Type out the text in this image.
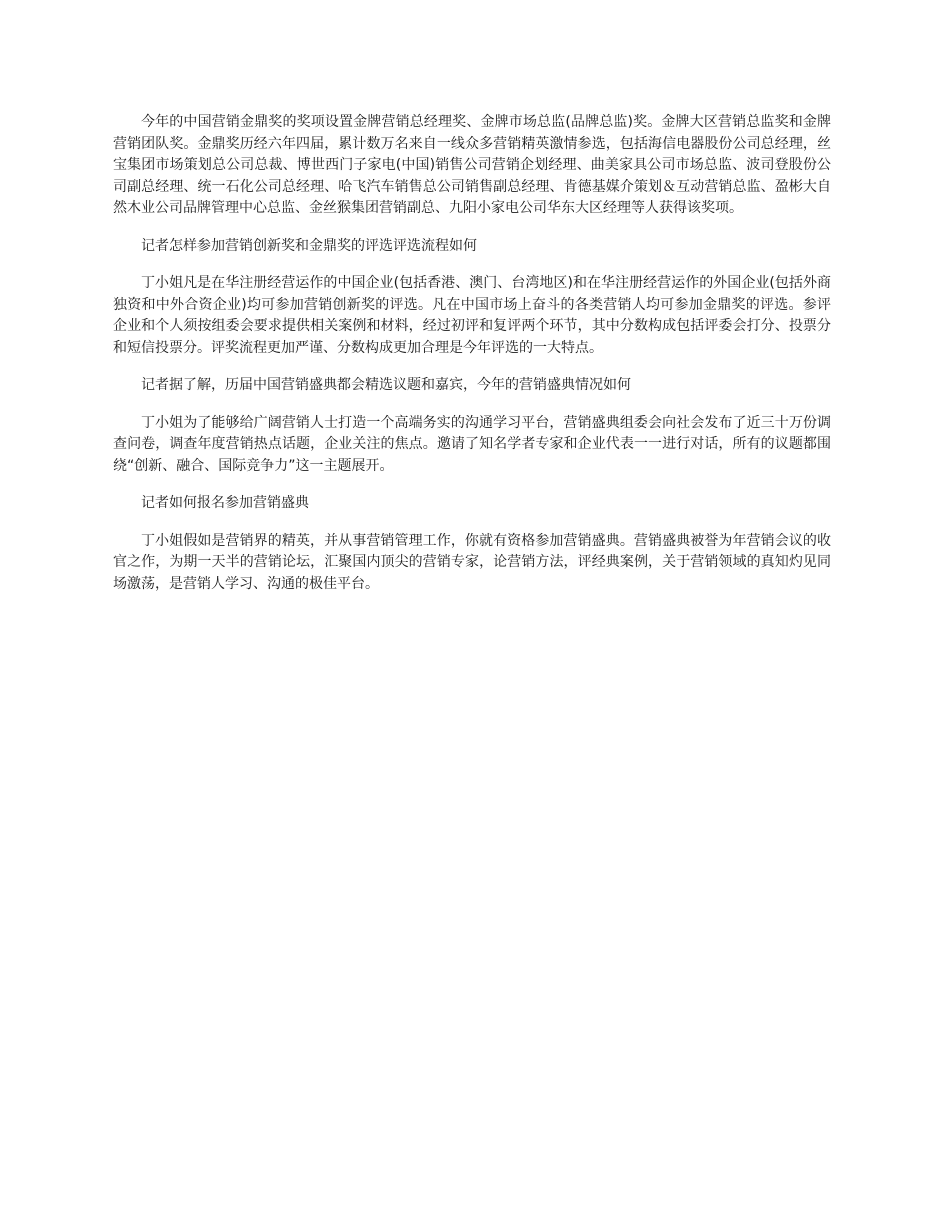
今年的中国营销金鼎奖的奖项设置金牌营销总经理奖、金牌市场总监(品牌总监)奖。金牌大区营销总监奖和金牌营销团队奖。金鼎奖历经六年四届，累计数万名来自一线众多营销精英激情参选，包括海信电器股份公司总经理，丝宝集团市场策划总公司总裁、博世西门子家电(中国)销售公司营销企划经理、曲美家具公司市场总监、波司登股份公司副总经理、统一石化公司总经理、哈飞汽车销售总公司销售副总经理、肯德基媒介策划＆互动营销总监、盈彬大自然木业公司品牌管理中心总监、金丝猴集团营销副总、九阳小家电公司华东大区经理等人获得该奖项。

记者怎样参加营销创新奖和金鼎奖的评选评选流程如何

丁小姐凡是在华注册经营运作的中国企业(包括香港、澳门、台湾地区)和在华注册经营运作的外国企业(包括外商独资和中外合资企业)均可参加营销创新奖的评选。凡在中国市场上奋斗的各类营销人均可参加金鼎奖的评选。参评企业和个人须按组委会要求提供相关案例和材料，经过初评和复评两个环节，其中分数构成包括评委会打分、投票分和短信投票分。评奖流程更加严谨、分数构成更加合理是今年评选的一大特点。

记者据了解，历届中国营销盛典都会精选议题和嘉宾，今年的营销盛典情况如何

丁小姐为了能够给广阔营销人士打造一个高端务实的沟通学习平台，营销盛典组委会向社会发布了近三十万份调查问卷，调查年度营销热点话题，企业关注的焦点。邀请了知名学者专家和企业代表一一进行对话，所有的议题都围绕“创新、融合、国际竞争力”这一主题展开。

记者如何报名参加营销盛典

丁小姐假如是营销界的精英，并从事营销管理工作，你就有资格参加营销盛典。营销盛典被誉为年营销会议的收官之作，为期一天半的营销论坛，汇聚国内顶尖的营销专家，论营销方法，评经典案例，关于营销领域的真知灼见同场激荡，是营销人学习、沟通的极佳平台。
